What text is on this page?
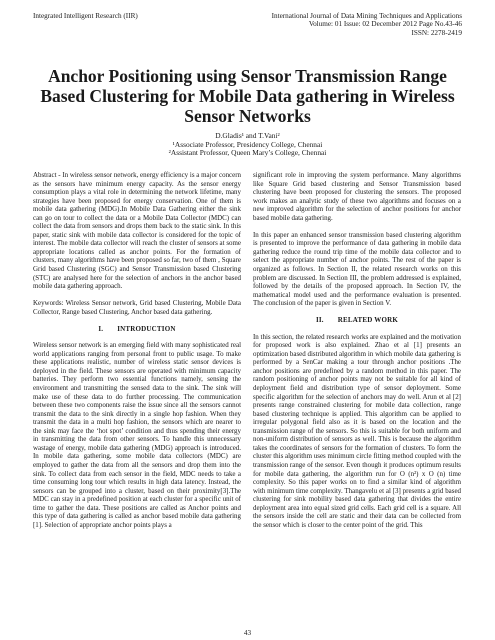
Integrated Intelligent Research (IIR)	International Journal of Data Mining Techniques and Applications
Volume: 01 Issue: 02 December 2012 Page No.43-46
ISSN: 2278-2419
Anchor Positioning using Sensor Transmission Range Based Clustering for Mobile Data gathering in Wireless Sensor Networks
D.Gladis¹ and T.Vani²
¹Associate Professor, Presidency College, Chennai
²Assistant Professor, Queen Mary’s College, Chennai

Abstract - In wireless sensor network, energy efficiency is a major concern as the sensors have minimum energy capacity. As the sensor energy consumption plays a vital role in determining the network lifetime, many strategies have been proposed for energy conservation. One of them is mobile data gathering (MDG).In Mobile Data Gathering either the sink can go on tour to collect the data or a Mobile Data Collector (MDC) can collect the data from sensors and drops them back to the static sink. In this paper, static sink with mobile data collector is considered for the topic of interest. The mobile data collector will reach the cluster of sensors at some appropriate locations called as anchor points. For the formation of clusters, many algorithms have been proposed so far, two of them , Square Grid based Clustering (SGC) and Sensor Transmission based Clustering (STC) are analysed here for the selection of anchors in the anchor based mobile data gathering approach.

Keywords: Wireless Sensor network, Grid based Clustering, Mobile Data Collector, Range based Clustering, Anchor based data gathering.

I. INTRODUCTION

Wireless sensor network is an emerging field with many sophisticated real world applications ranging from personal front to public usage. To make these applications realistic, number of wireless static sensor devices is deployed in the field. These sensors are operated with minimum capacity batteries. They perform two essential functions namely, sensing the environment and transmitting the sensed data to the sink. The sink will make use of these data to do further processing. The communication between these two components raise the issue since all the sensors cannot transmit the data to the sink directly in a single hop fashion. When they transmit the data in a multi hop fashion, the sensors which are nearer to the sink may face the ‘hot spot’ condition and thus spending their energy in transmitting the data from other sensors. To handle this unnecessary wastage of energy, mobile data gathering (MDG) approach is introduced. In mobile data gathering, some mobile data collectors (MDC) are employed to gather the data from all the sensors and drop them into the sink. To collect data from each sensor in the field, MDC needs to take a time consuming long tour which results in high data latency. Instead, the sensors can be grouped into a cluster, based on their proximity[3].The MDC can stay in a predefined position at each cluster for a specific unit of time to gather the data. These positions are called as Anchor points and this type of data gathering is called as anchor based mobile data gathering [1]. Selection of appropriate anchor points plays a

significant role in improving the system performance. Many algorithms like Square Grid based clustering and Sensor Transmission based clustering have been proposed for clustering the sensors. The proposed work makes an analytic study of these two algorithms and focuses on a new improved algorithm for the selection of anchor positions for anchor based mobile data gathering.

In this paper an enhanced sensor transmission based clustering algorithm is presented to improve the performance of data gathering in mobile data gathering reduce the round trip time of the mobile data collector and to select the appropriate number of anchor points. The rest of the paper is organized as follows. In Section II, the related research works on this problem are discussed. In Section III, the problem addressed is explained, followed by the details of the proposed approach. In Section IV, the mathematical model used and the performance evaluation is presented. The conclusion of the paper is given in Section V.

II. RELATED WORK

In this section, the related research works are explained and the motivation for proposed work is also explained. Zhao et al [1] presents an optimization based distributed algorithm in which mobile data gathering is performed by a SenCar making a tour through anchor positions .The anchor positions are predefined by a random method in this paper. The random positioning of anchor points may not be suitable for all kind of deployment field and distribution type of sensor deployment. Some specific algorithm for the selection of anchors may do well. Arun et al [2] presents range constrained clustering for mobile data collection, range based clustering technique is applied. This algorithm can be applied to irregular polygonal field also as it is based on the location and the transmission range of the sensors. So this is suitable for both uniform and non-uniform distribution of sensors as well. This is because the algorithm takes the coordinates of sensors for the formation of clusters. To form the cluster this algorithm uses minimum circle fitting method coupled with the transmission range of the sensor. Even though it produces optimum results for mobile data gathering, the algorithm run for O (n²) x O (n) time complexity. So this paper works on to find a similar kind of algorithm with minimum time complexity. Thangavelu et al [3] presents a grid based clustering for sink mobility based data gathering that divides the entire deployment area into equal sized grid cells. Each grid cell is a square. All the sensors inside the cell are static and their data can be collected from the sensor which is closer to the center point of the grid. This

43
